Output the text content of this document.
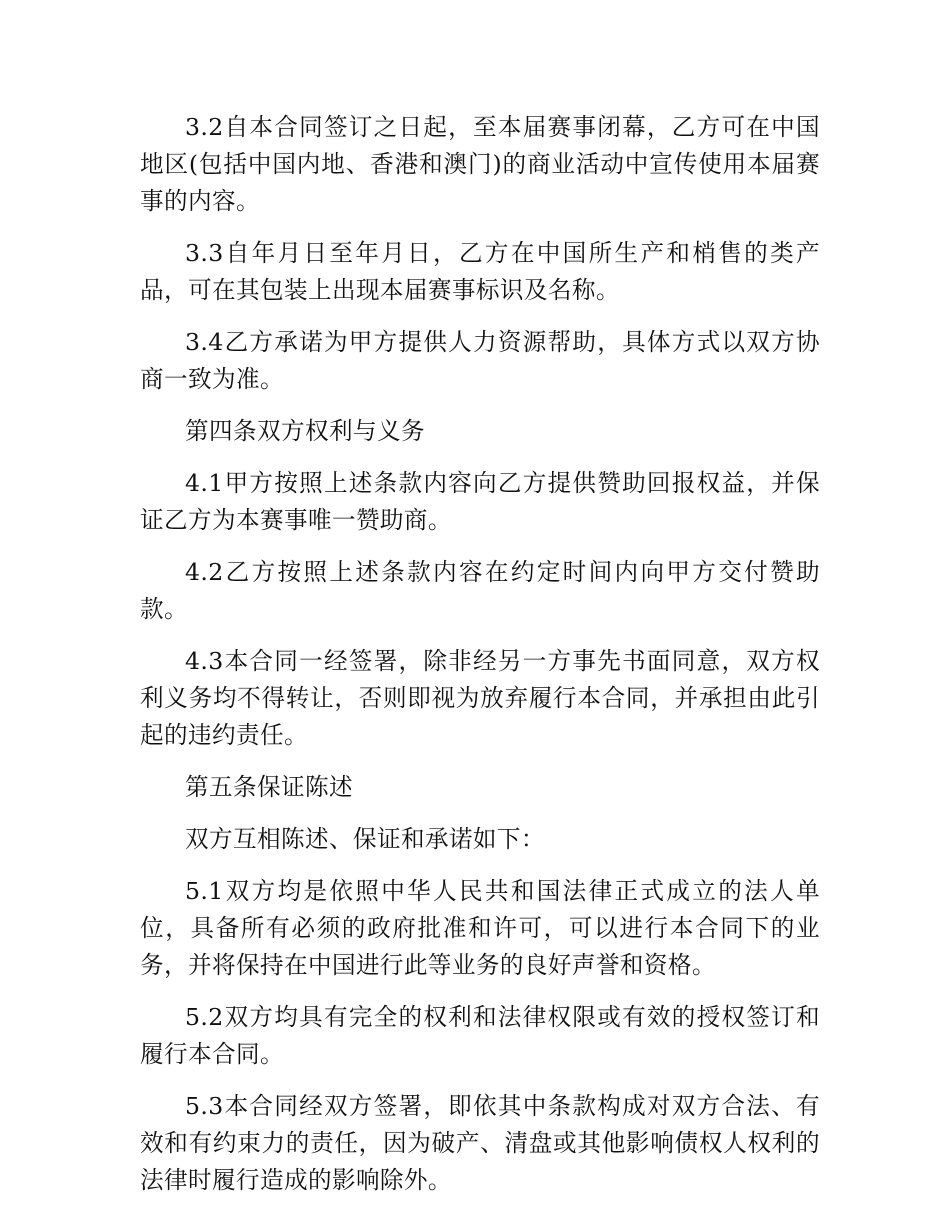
3.2自本合同签订之日起，至本届赛事闭幕，乙方可在中国地区(包括中国内地、香港和澳门)的商业活动中宣传使用本届赛事的内容。

3.3自年月日至年月日，乙方在中国所生产和梢售的类产品，可在其包装上出现本届赛事标识及名称。

3.4乙方承诺为甲方提供人力资源帮助，具体方式以双方协商一致为准。

第四条双方权利与义务

4.1甲方按照上述条款内容向乙方提供赞助回报权益，并保证乙方为本赛事唯一赞助商。

4.2乙方按照上述条款内容在约定时间内向甲方交付赞助款。

4.3本合同一经签署，除非经另一方事先书面同意，双方权利义务均不得转让，否则即视为放弃履行本合同，并承担由此引起的违约责任。

第五条保证陈述

双方互相陈述、保证和承诺如下：

5.1双方均是依照中华人民共和国法律正式成立的法人单位，具备所有必须的政府批准和许可，可以进行本合同下的业务，并将保持在中国进行此等业务的良好声誉和资格。

5.2双方均具有完全的权利和法律权限或有效的授权签订和履行本合同。

5.3本合同经双方签署，即依其中条款构成对双方合法、有效和有约束力的责任，因为破产、清盘或其他影响债权人权利的法律时履行造成的影响除外。
